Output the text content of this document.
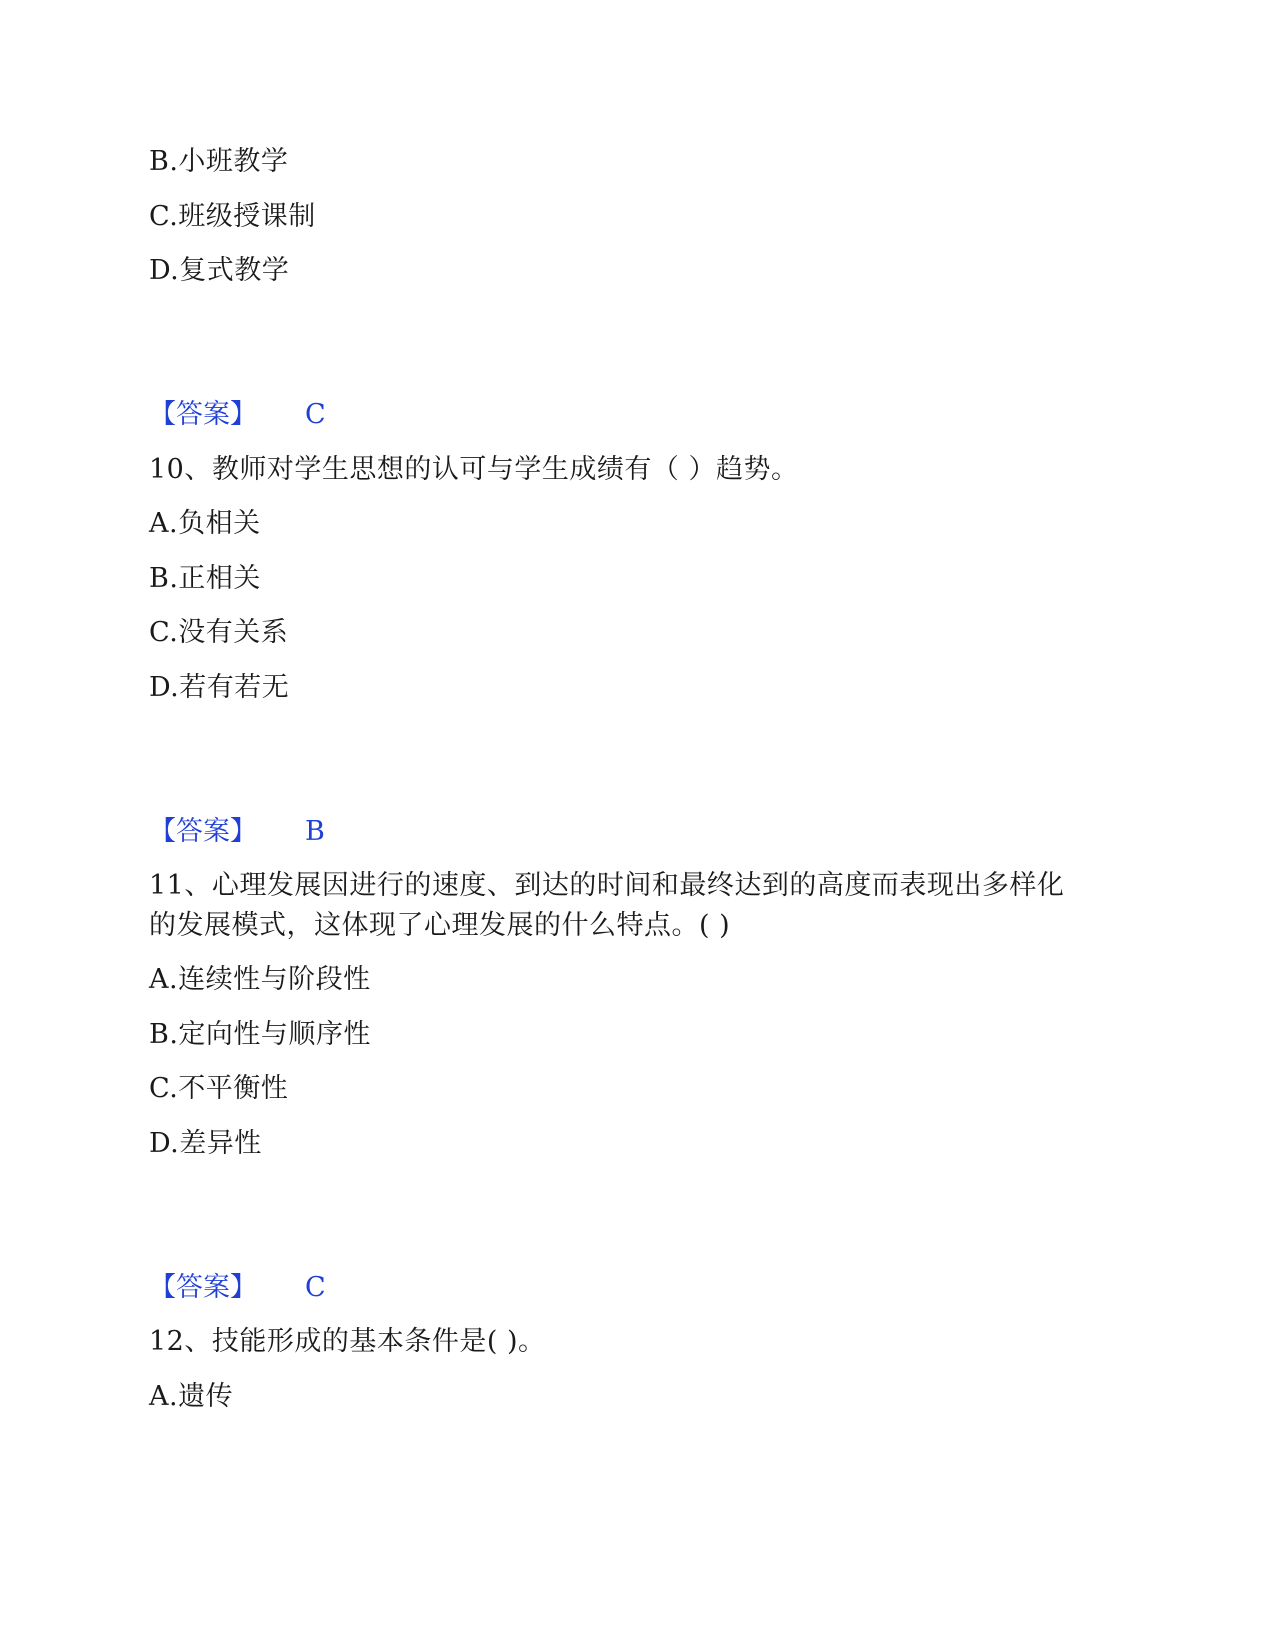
B.小班教学
C.班级授课制
D.复式教学
【答案】 C
10、教师对学生思想的认可与学生成绩有（ ）趋势。
A.负相关
B.正相关
C.没有关系
D.若有若无
【答案】 B
11、心理发展因进行的速度、到达的时间和最终达到的高度而表现出多样化
的发展模式，这体现了心理发展的什么特点。( )
A.连续性与阶段性
B.定向性与顺序性
C.不平衡性
D.差异性
【答案】 C
12、技能形成的基本条件是( )。
A.遗传
